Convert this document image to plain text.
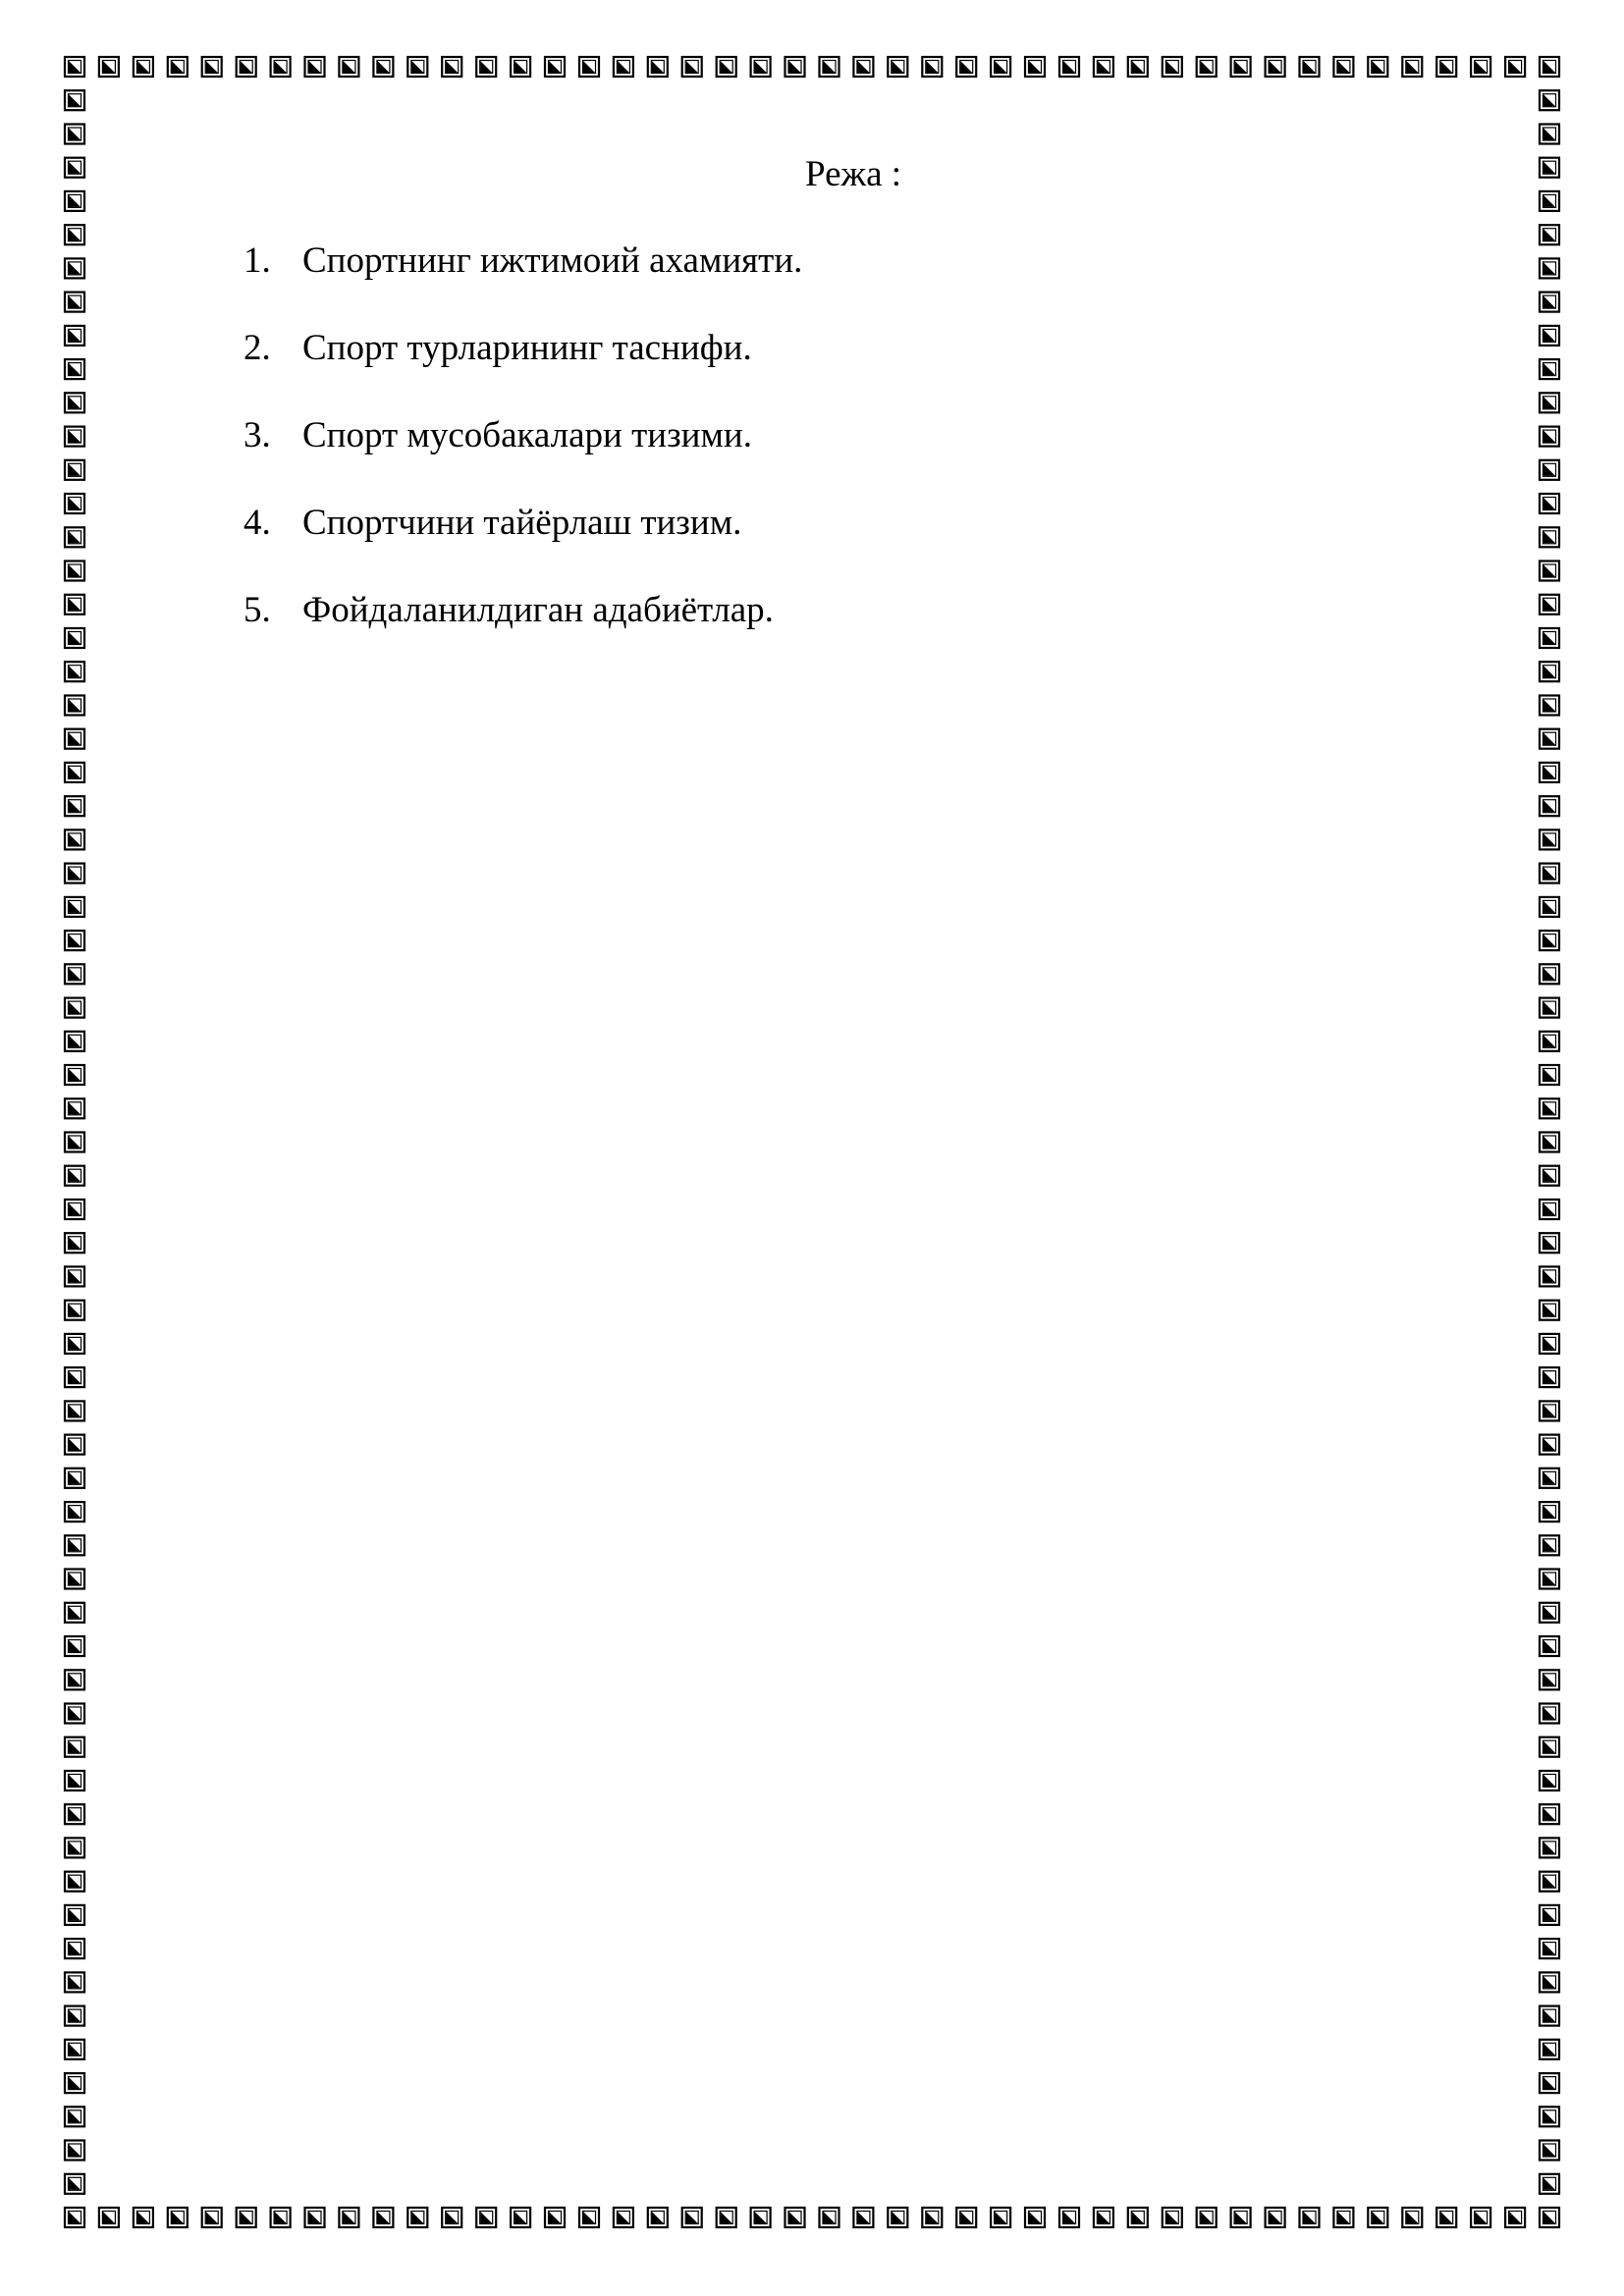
Режа :
1. Спортнинг ижтимоий ахамияти.
2. Спорт турларининг таснифи.
3. Спорт мусобакалари тизими.
4. Спортчини тайёрлаш тизим.
5. Фойдаланилдиган адабиётлар.
